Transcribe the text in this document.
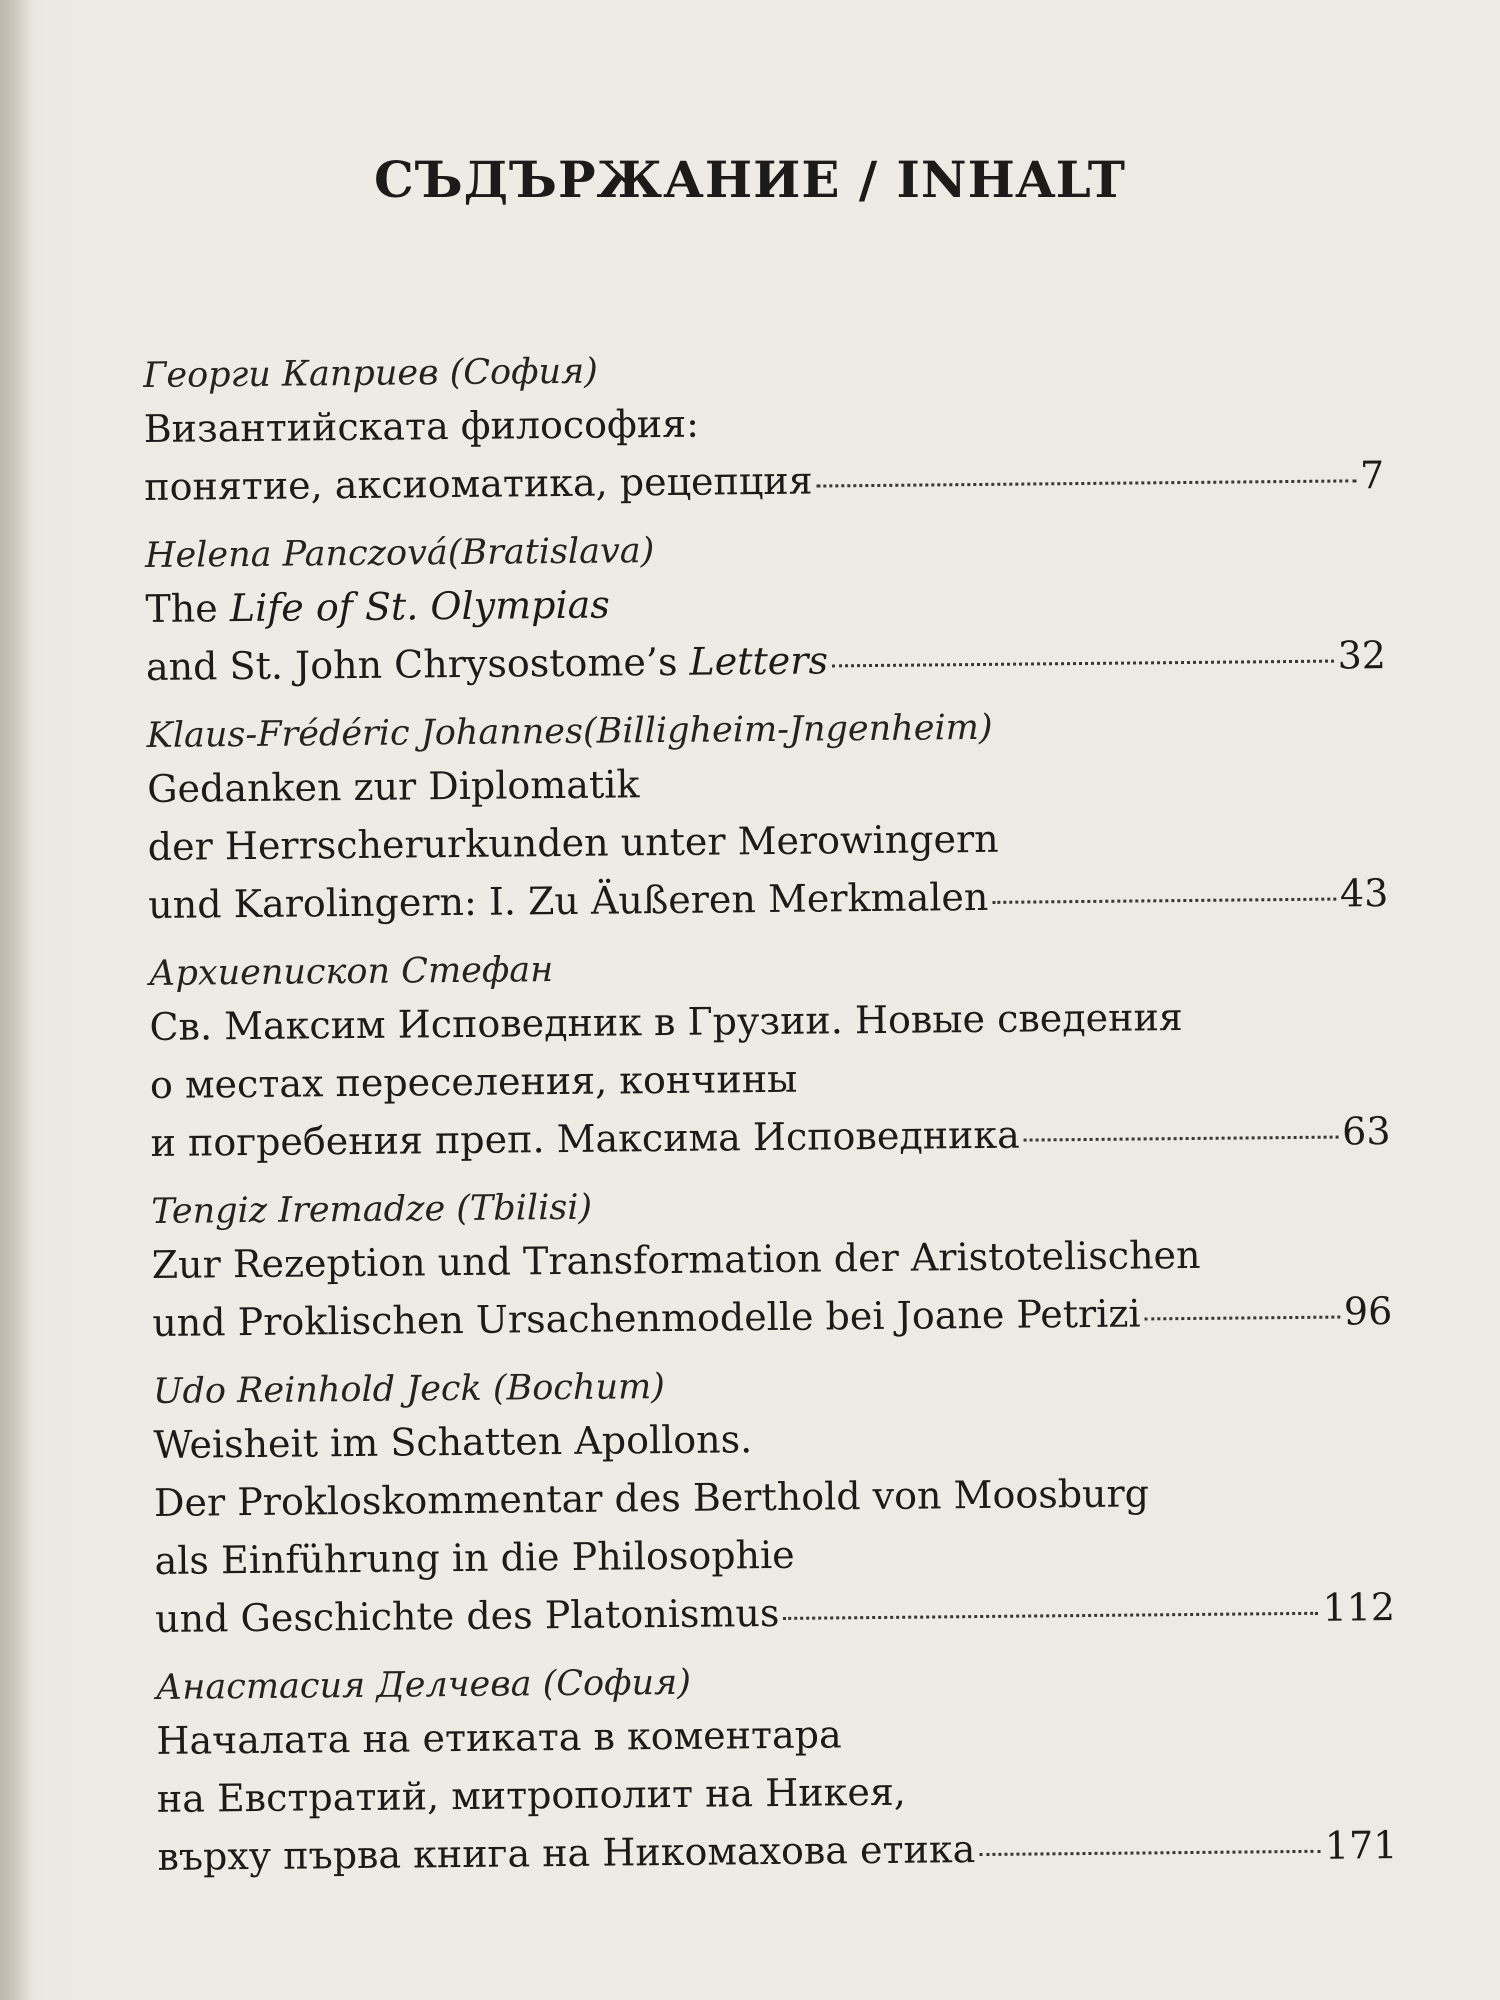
СЪДЪРЖАНИЕ / INHALT
Георги Каприев (София)
Византийската философия:
понятие, аксиоматика, рецепция	7
Helena Panczová(Bratislava)
The Life of St. Olympias
and St. John Chrysostome’s Letters	32
Klaus-Frédéric Johannes(Billigheim-Jngenheim)
Gedanken zur Diplomatik
der Herrscherurkunden unter Merowingern
und Karolingern: I. Zu Äußeren Merkmalen	43
Архиепископ Стефан
Св. Максим Исповедник в Грузии. Новые сведения
о местах переселения, кончины
и погребения преп. Максима Исповедника	63
Tengiz Iremadze (Tbilisi)
Zur Rezeption und Transformation der Aristotelischen
und Proklischen Ursachenmodelle bei Joane Petrizi	96
Udo Reinhold Jeck (Bochum)
Weisheit im Schatten Apollons.
Der Prokloskommentar des Berthold von Moosburg
als Einführung in die Philosophie
und Geschichte des Platonismus	112
Анастасия Делчева (София)
Началата на етиката в коментара
на Евстратий, митрополит на Никея,
върху първа книга на Никомахова етика	171
